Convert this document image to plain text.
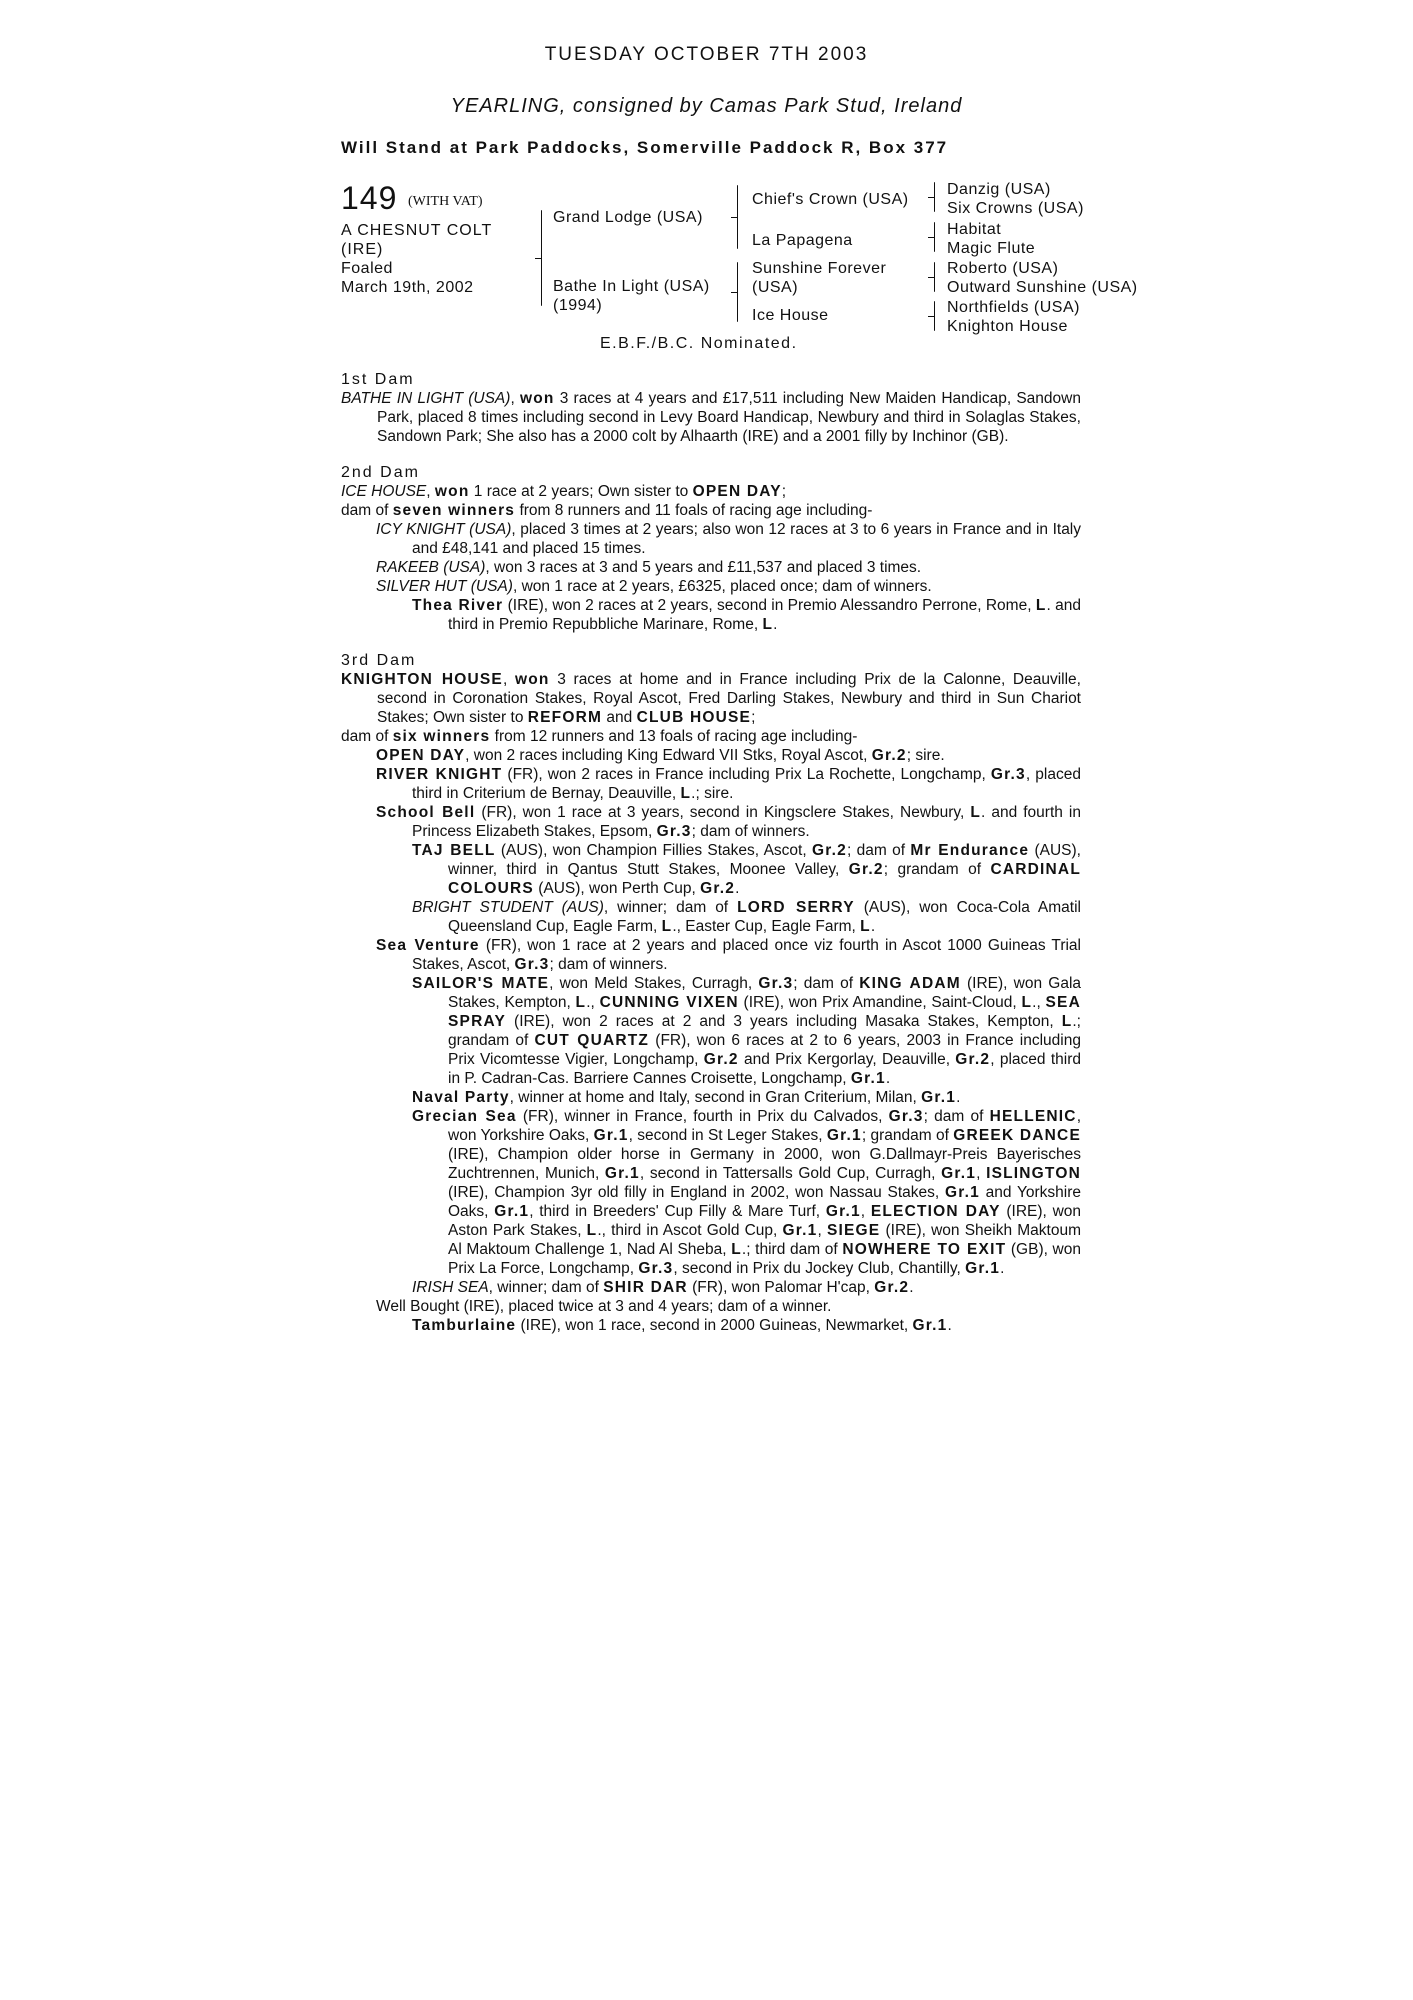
TUESDAY OCTOBER 7TH 2003
YEARLING, consigned by Camas Park Stud, Ireland
Will Stand at Park Paddocks, Somerville Paddock R, Box 377
149 (WITH VAT)
A CHESNUT COLT
(IRE)
Foaled
March 19th, 2002
Grand Lodge (USA)
Bathe In Light (USA)
(1994)
Chief's Crown (USA)
La Papagena
Sunshine Forever
(USA)
Ice House
Danzig (USA)
Six Crowns (USA)
Habitat
Magic Flute
Roberto (USA)
Outward Sunshine (USA)
Northfields (USA)
Knighton House
E.B.F./B.C. Nominated.
1st Dam

BATHE IN LIGHT (USA), won 3 races at 4 years and £17,511 including New Maiden Handicap, Sandown Park, placed 8 times including second in Levy Board Handicap, Newbury and third in Solaglas Stakes, Sandown Park; She also has a 2000 colt by Alhaarth (IRE) and a 2001 filly by Inchinor (GB).

2nd Dam

ICE HOUSE, won 1 race at 2 years; Own sister to OPEN DAY;

dam of seven winners from 8 runners and 11 foals of racing age including-

ICY KNIGHT (USA), placed 3 times at 2 years; also won 12 races at 3 to 6 years in France and in Italy and £48,141 and placed 15 times.

RAKEEB (USA), won 3 races at 3 and 5 years and £11,537 and placed 3 times.

SILVER HUT (USA), won 1 race at 2 years, £6325, placed once; dam of winners.

Thea River (IRE), won 2 races at 2 years, second in Premio Alessandro Perrone, Rome, L. and third in Premio Repubbliche Marinare, Rome, L.

3rd Dam

KNIGHTON HOUSE, won 3 races at home and in France including Prix de la Calonne, Deauville, second in Coronation Stakes, Royal Ascot, Fred Darling Stakes, Newbury and third in Sun Chariot Stakes; Own sister to REFORM and CLUB HOUSE;

dam of six winners from 12 runners and 13 foals of racing age including-

OPEN DAY, won 2 races including King Edward VII Stks, Royal Ascot, Gr.2; sire.

RIVER KNIGHT (FR), won 2 races in France including Prix La Rochette, Longchamp, Gr.3, placed third in Criterium de Bernay, Deauville, L.; sire.

School Bell (FR), won 1 race at 3 years, second in Kingsclere Stakes, Newbury, L. and fourth in Princess Elizabeth Stakes, Epsom, Gr.3; dam of winners.

TAJ BELL (AUS), won Champion Fillies Stakes, Ascot, Gr.2; dam of Mr Endurance (AUS), winner, third in Qantus Stutt Stakes, Moonee Valley, Gr.2; grandam of CARDINAL COLOURS (AUS), won Perth Cup, Gr.2.

BRIGHT STUDENT (AUS), winner; dam of LORD SERRY (AUS), won Coca-Cola Amatil Queensland Cup, Eagle Farm, L., Easter Cup, Eagle Farm, L.

Sea Venture (FR), won 1 race at 2 years and placed once viz fourth in Ascot 1000 Guineas Trial Stakes, Ascot, Gr.3; dam of winners.

SAILOR'S MATE, won Meld Stakes, Curragh, Gr.3; dam of KING ADAM (IRE), won Gala Stakes, Kempton, L., CUNNING VIXEN (IRE), won Prix Amandine, Saint-Cloud, L., SEA SPRAY (IRE), won 2 races at 2 and 3 years including Masaka Stakes, Kempton, L.; grandam of CUT QUARTZ (FR), won 6 races at 2 to 6 years, 2003 in France including Prix Vicomtesse Vigier, Longchamp, Gr.2 and Prix Kergorlay, Deauville, Gr.2, placed third in P. Cadran-Cas. Barriere Cannes Croisette, Longchamp, Gr.1.

Naval Party, winner at home and Italy, second in Gran Criterium, Milan, Gr.1.

Grecian Sea (FR), winner in France, fourth in Prix du Calvados, Gr.3; dam of HELLENIC, won Yorkshire Oaks, Gr.1, second in St Leger Stakes, Gr.1; grandam of GREEK DANCE (IRE), Champion older horse in Germany in 2000, won G.Dallmayr-Preis Bayerisches Zuchtrennen, Munich, Gr.1, second in Tattersalls Gold Cup, Curragh, Gr.1, ISLINGTON (IRE), Champion 3yr old filly in England in 2002, won Nassau Stakes, Gr.1 and Yorkshire Oaks, Gr.1, third in Breeders' Cup Filly & Mare Turf, Gr.1, ELECTION DAY (IRE), won Aston Park Stakes, L., third in Ascot Gold Cup, Gr.1, SIEGE (IRE), won Sheikh Maktoum Al Maktoum Challenge 1, Nad Al Sheba, L.; third dam of NOWHERE TO EXIT (GB), won Prix La Force, Longchamp, Gr.3, second in Prix du Jockey Club, Chantilly, Gr.1.

IRISH SEA, winner; dam of SHIR DAR (FR), won Palomar H'cap, Gr.2.

Well Bought (IRE), placed twice at 3 and 4 years; dam of a winner.

Tamburlaine (IRE), won 1 race, second in 2000 Guineas, Newmarket, Gr.1.
